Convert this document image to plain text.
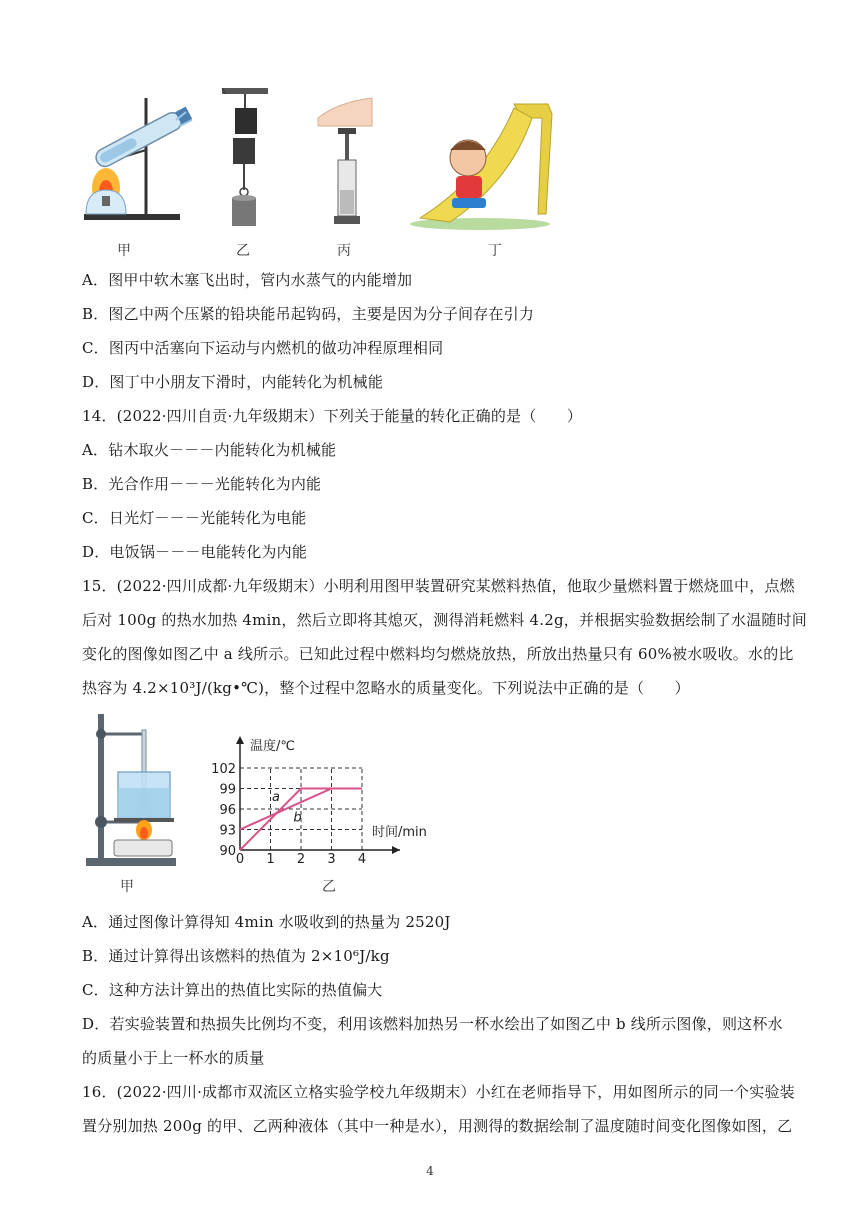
甲	乙	丙	丁
A．图甲中软木塞飞出时，管内水蒸气的内能增加
B．图乙中两个压紧的铅块能吊起钩码，主要是因为分子间存在引力
C．图丙中活塞向下运动与内燃机的做功冲程原理相同
D．图丁中小朋友下滑时，内能转化为机械能
14．(2022·四川自贡·九年级期末）下列关于能量的转化正确的是（　　）
A．钻木取火－－－内能转化为机械能
B．光合作用－－－光能转化为内能
C．日光灯－－－光能转化为电能
D．电饭锅－－－电能转化为内能
15．(2022·四川成都·九年级期末）小明利用图甲装置研究某燃料热值，他取少量燃料置于燃烧皿中，点燃
后对 100g 的热水加热 4min，然后立即将其熄灭，测得消耗燃料 4.2g，并根据实验数据绘制了水温随时间
变化的图像如图乙中 a 线所示。已知此过程中燃料均匀燃烧放热，所放出热量只有 60%被水吸收。水的比
热容为 4.2×10³J/(kg•℃)，整个过程中忽略水的质量变化。下列说法中正确的是（　　）
甲
0 1 2 3 4
90
93
96
99
102
温度/℃
时间/min
a
b
乙
A．通过图像计算得知 4min 水吸收到的热量为 2520J
B．通过计算得出该燃料的热值为 2×10⁶J/kg
C．这种方法计算出的热值比实际的热值偏大
D．若实验装置和热损失比例均不变，利用该燃料加热另一杯水绘出了如图乙中 b 线所示图像，则这杯水
的质量小于上一杯水的质量
16．(2022·四川·成都市双流区立格实验学校九年级期末）小红在老师指导下，用如图所示的同一个实验装
置分别加热 200g 的甲、乙两种液体（其中一种是水），用测得的数据绘制了温度随时间变化图像如图，乙
4
